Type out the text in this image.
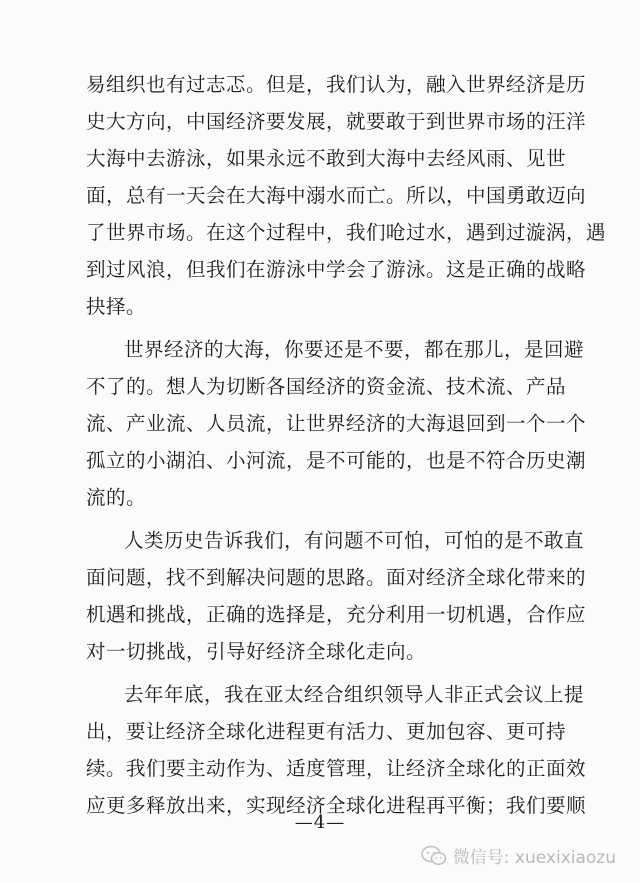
易组织也有过志忑。但是，我们认为，融入世界经济是历
史大方向，中国经济要发展，就要敢于到世界市场的汪洋
大海中去游泳，如果永远不敢到大海中去经风雨、见世
面，总有一天会在大海中溺水而亡。所以，中国勇敢迈向
了世界市场。在这个过程中，我们呛过水，遇到过漩涡，遇
到过风浪，但我们在游泳中学会了游泳。这是正确的战略
抉择。
世界经济的大海，你要还是不要，都在那儿，是回避
不了的。想人为切断各国经济的资金流、技术流、产品
流、产业流、人员流，让世界经济的大海退回到一个一个
孤立的小湖泊、小河流，是不可能的，也是不符合历史潮
流的。
人类历史告诉我们，有问题不可怕，可怕的是不敢直
面问题，找不到解决问题的思路。面对经济全球化带来的
机遇和挑战，正确的选择是，充分利用一切机遇，合作应
对一切挑战，引导好经济全球化走向。
去年年底，我在亚太经合组织领导人非正式会议上提
出，要让经济全球化进程更有活力、更加包容、更可持
续。我们要主动作为、适度管理，让经济全球化的正面效
应更多释放出来，实现经济全球化进程再平衡；我们要顺
—4—
微信号: xuexixiaozu
